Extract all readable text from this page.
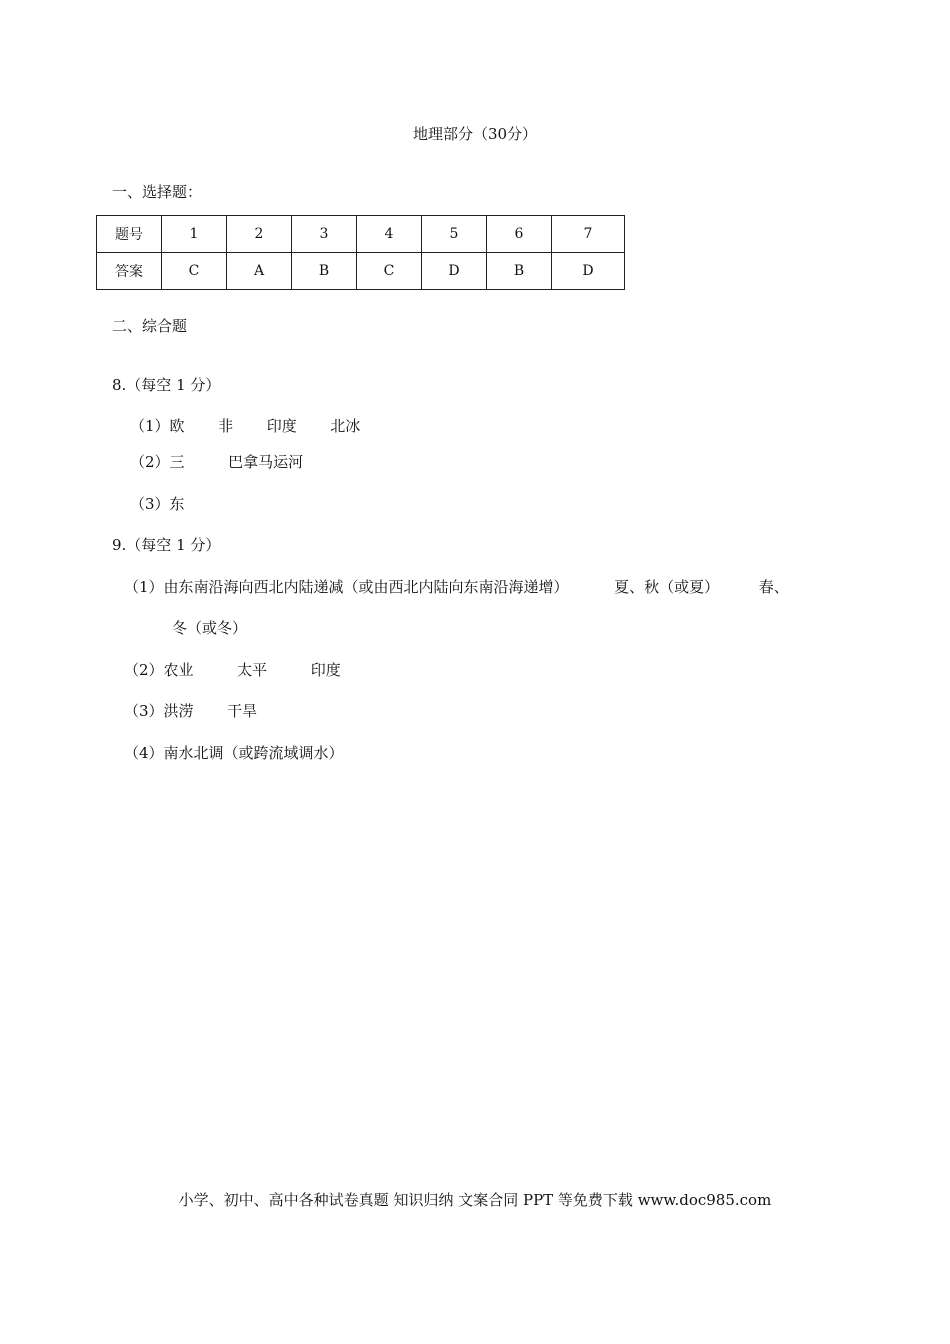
地理部分（30分）
一、选择题：
题号	1	2	3	4	5	6	7
答案	C	A	B	C	D	B	D
二、综合题
8.（每空 1 分）
（1）欧 非 印度 北冰
（2）三	巴拿马运河
（3）东
9.（每空 1 分）
（1）由东南沿海向西北内陆递减（或由西北内陆向东南沿海递增）	夏、秋（或夏）	春、
冬（或冬）
（2）农业	太平	印度
（3）洪涝 干旱
（4）南水北调（或跨流域调水）
小学、初中、高中各种试卷真题 知识归纳 文案合同 PPT 等免费下载 www.doc985.com
